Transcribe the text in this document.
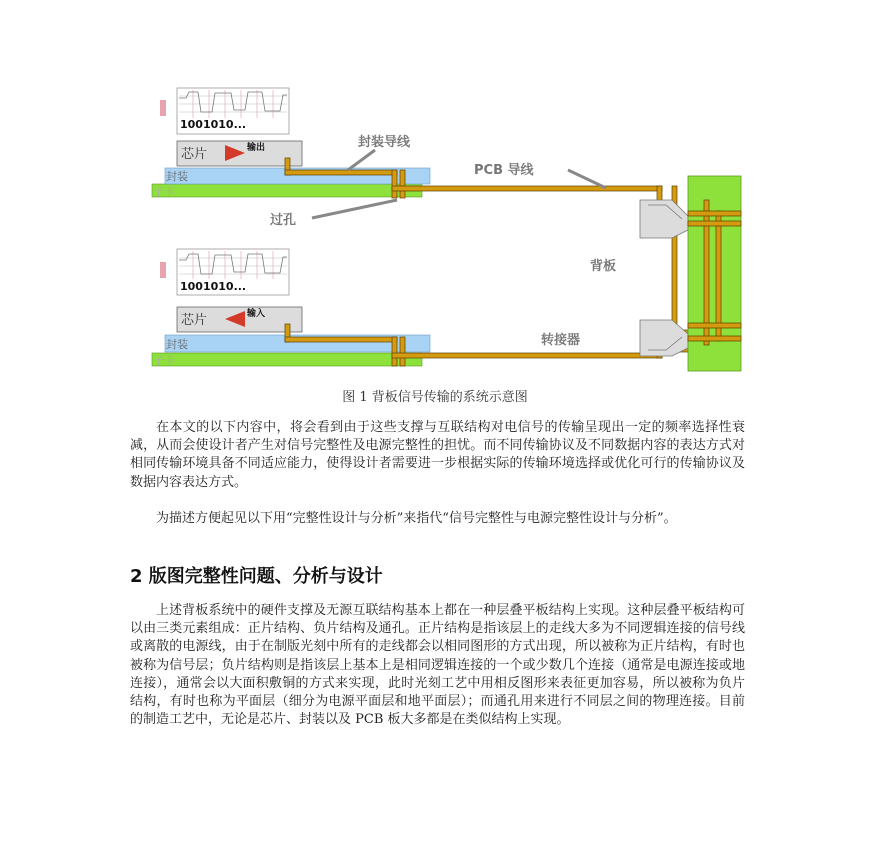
1001010...
子卡
封装
芯片	输出
1001010...
子卡
封装
芯片	输入
封装导线
PCB 导线
过孔
背板
转接器
图 1 背板信号传输的系统示意图

在本文的以下内容中，将会看到由于这些支撑与互联结构对电信号的传输呈现出一定的频率选择性衰减，从而会使设计者产生对信号完整性及电源完整性的担忧。而不同传输协议及不同数据内容的表达方式对相同传输环境具备不同适应能力，使得设计者需要进一步根据实际的传输环境选择或优化可行的传输协议及数据内容表达方式。

为描述方便起见以下用“完整性设计与分析”来指代“信号完整性与电源完整性设计与分析”。

2 版图完整性问题、分析与设计

上述背板系统中的硬件支撑及无源互联结构基本上都在一种层叠平板结构上实现。这种层叠平板结构可以由三类元素组成：正片结构、负片结构及通孔。正片结构是指该层上的走线大多为不同逻辑连接的信号线或离散的电源线，由于在制版光刻中所有的走线都会以相同图形的方式出现，所以被称为正片结构，有时也被称为信号层；负片结构则是指该层上基本上是相同逻辑连接的一个或少数几个连接（通常是电源连接或地连接），通常会以大面积敷铜的方式来实现，此时光刻工艺中用相反图形来表征更加容易，所以被称为负片结构，有时也称为平面层（细分为电源平面层和地平面层）；而通孔用来进行不同层之间的物理连接。目前的制造工艺中，无论是芯片、封装以及 PCB 板大多都是在类似结构上实现。
